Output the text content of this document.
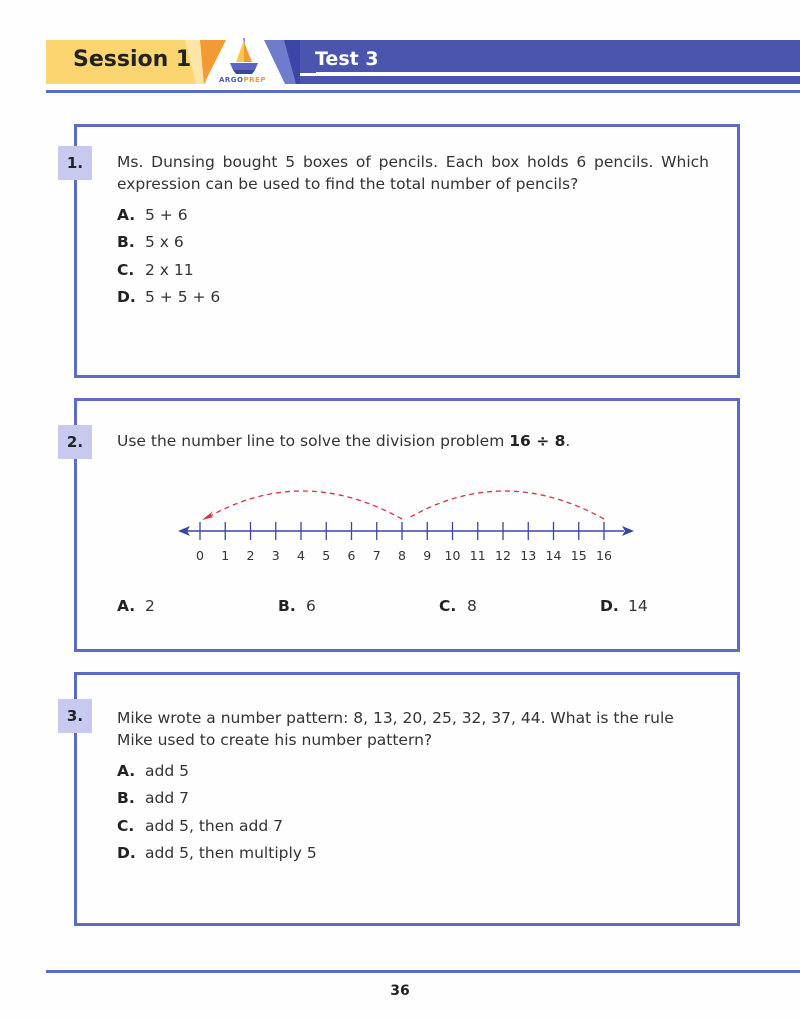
Session 1	Test 3
ARGOPREP
1.	Ms. Dunsing bought 5 boxes of pencils. Each box holds 6 pencils. Which expression can be used to find the total number of pencils?
A. 5 + 6
B. 5 x 6
C. 2 x 11
D. 5 + 5 + 6
2.	Use the number line to solve the division problem 16 ÷ 8.
0 1 2 3 4 5 6 7 8 9 10 11 12 13 14 15 16
A. 2	B. 6	C. 8	D. 14
3.	Mike wrote a number pattern: 8, 13, 20, 25, 32, 37, 44. What is the rule Mike used to create his number pattern?
A. add 5
B. add 7
C. add 5, then add 7
D. add 5, then multiply 5
36
